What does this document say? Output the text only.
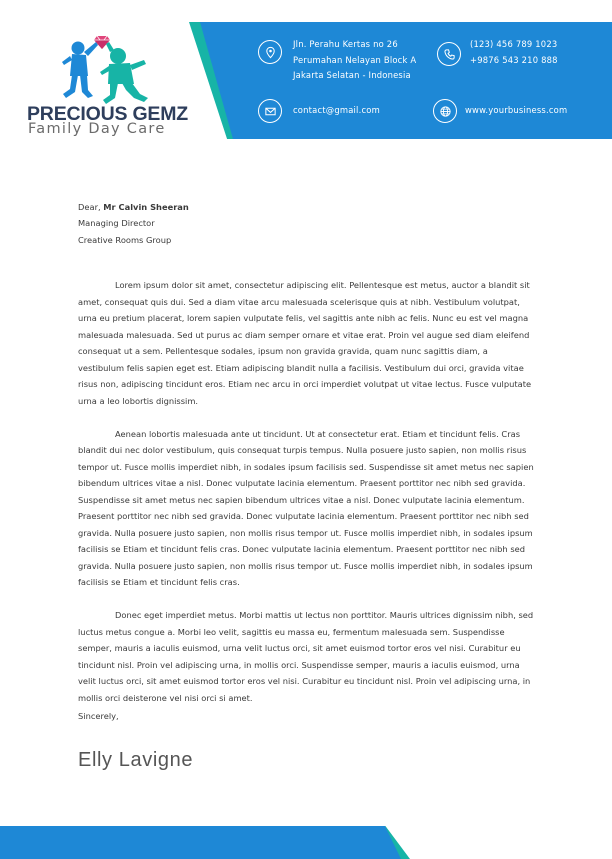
PRECIOUS GEMZ
Family Day Care
Jln. Perahu Kertas no 26
Perumahan Nelayan Block A
Jakarta Selatan - Indonesia
(123) 456 789 1023
+9876 543 210 888
contact@gmail.com	www.yourbusiness.com
Dear, Mr Calvin Sheeran
Managing Director
Creative Rooms Group

Lorem ipsum dolor sit amet, consectetur adipiscing elit. Pellentesque est metus, auctor a blandit sit amet, consequat quis dui. Sed a diam vitae arcu malesuada scelerisque quis at nibh. Vestibulum volutpat, urna eu pretium placerat, lorem sapien vulputate felis, vel sagittis ante nibh ac felis. Nunc eu est vel magna malesuada malesuada. Sed ut purus ac diam semper ornare et vitae erat. Proin vel augue sed diam eleifend consequat ut a sem. Pellentesque sodales, ipsum non gravida gravida, quam nunc sagittis diam, a vestibulum felis sapien eget est. Etiam adipiscing blandit nulla a facilisis. Vestibulum dui orci, gravida vitae risus non, adipiscing tincidunt eros. Etiam nec arcu in orci imperdiet volutpat ut vitae lectus. Fusce vulputate urna a leo lobortis dignissim.

Aenean lobortis malesuada ante ut tincidunt. Ut at consectetur erat. Etiam et tincidunt felis. Cras blandit dui nec dolor vestibulum, quis consequat turpis tempus. Nulla posuere justo sapien, non mollis risus tempor ut. Fusce mollis imperdiet nibh, in sodales ipsum facilisis sed. Suspendisse sit amet metus nec sapien bibendum ultrices vitae a nisl. Donec vulputate lacinia elementum. Praesent porttitor nec nibh sed gravida. Suspendisse sit amet metus nec sapien bibendum ultrices vitae a nisl. Donec vulputate lacinia elementum. Praesent porttitor nec nibh sed gravida. Donec vulputate lacinia elementum. Praesent porttitor nec nibh sed gravida. Nulla posuere justo sapien, non mollis risus tempor ut. Fusce mollis imperdiet nibh, in sodales ipsum facilisis se Etiam et tincidunt felis cras. Donec vulputate lacinia elementum. Praesent porttitor nec nibh sed gravida. Nulla posuere justo sapien, non mollis risus tempor ut. Fusce mollis imperdiet nibh, in sodales ipsum facilisis se Etiam et tincidunt felis cras.

Donec eget imperdiet metus. Morbi mattis ut lectus non porttitor. Mauris ultrices dignissim nibh, sed luctus metus congue a. Morbi leo velit, sagittis eu massa eu, fermentum malesuada sem. Suspendisse semper, mauris a iaculis euismod, urna velit luctus orci, sit amet euismod tortor eros vel nisi. Curabitur eu tincidunt nisl. Proin vel adipiscing urna, in mollis orci. Suspendisse semper, mauris a iaculis euismod, urna velit luctus orci, sit amet euismod tortor eros vel nisi. Curabitur eu tincidunt nisl. Proin vel adipiscing urna, in mollis orci deisterone vel nisi orci si amet.

Sincerely,
Elly Lavigne
